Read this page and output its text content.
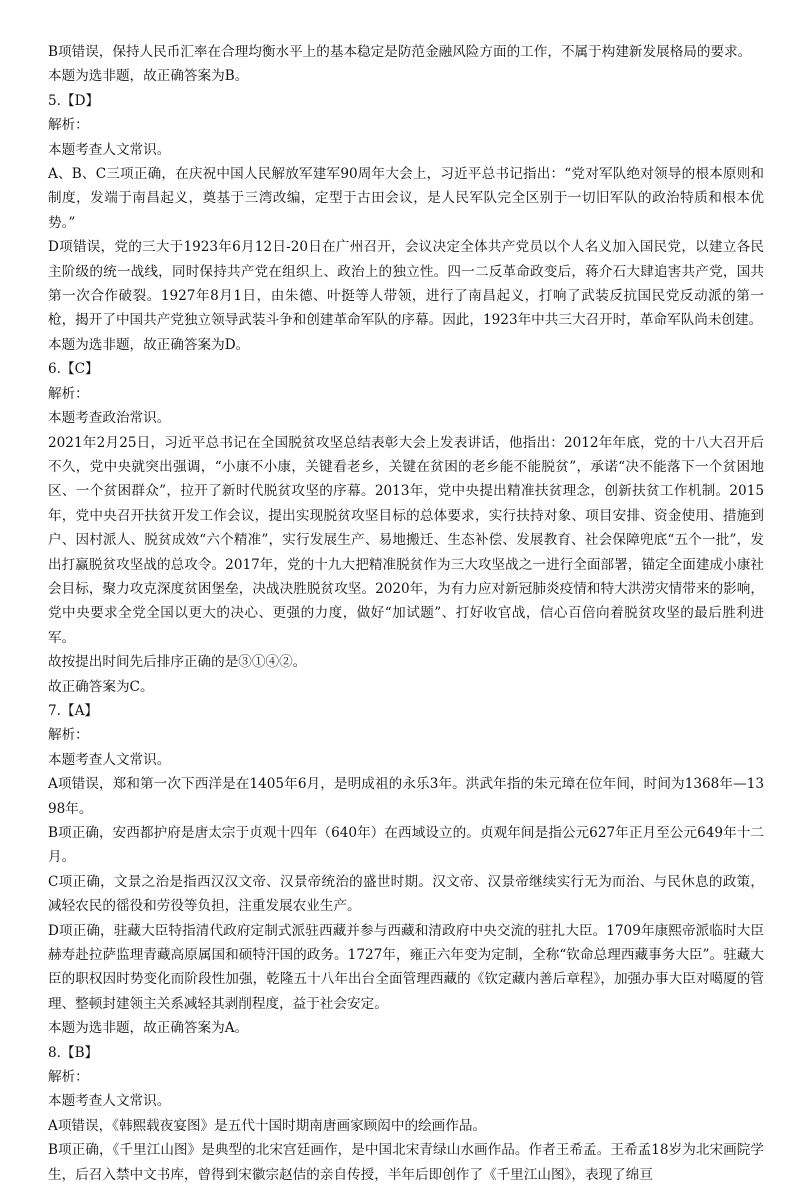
B项错误，保持人民币汇率在合理均衡水平上的基本稳定是防范金融风险方面的工作，不属于构建新发展格局的要求。

本题为选非题，故正确答案为B。

5.【D】

解析：

本题考查人文常识。

A、B、C三项正确，在庆祝中国人民解放军建军90周年大会上，习近平总书记指出：“党对军队绝对领导的根本原则和制度，发端于南昌起义，奠基于三湾改编，定型于古田会议，是人民军队完全区别于一切旧军队的政治特质和根本优势。”

D项错误，党的三大于1923年6月12日-20日在广州召开，会议决定全体共产党员以个人名义加入国民党，以建立各民主阶级的统一战线，同时保持共产党在组织上、政治上的独立性。四一二反革命政变后，蒋介石大肆追害共产党，国共第一次合作破裂。1927年8月1日，由朱德、叶挺等人带领，进行了南昌起义，打响了武装反抗国民党反动派的第一枪，揭开了中国共产党独立领导武装斗争和创建革命军队的序幕。因此，1923年中共三大召开时，革命军队尚未创建。

本题为选非题，故正确答案为D。

6.【C】

解析：

本题考查政治常识。

2021年2月25日，习近平总书记在全国脱贫攻坚总结表彰大会上发表讲话，他指出：2012年年底，党的十八大召开后不久，党中央就突出强调，“小康不小康，关键看老乡，关键在贫困的老乡能不能脱贫”，承诺“决不能落下一个贫困地区、一个贫困群众”，拉开了新时代脱贫攻坚的序幕。2013年，党中央提出精准扶贫理念，创新扶贫工作机制。2015年，党中央召开扶贫开发工作会议，提出实现脱贫攻坚目标的总体要求，实行扶持对象、项目安排、资金使用、措施到户、因村派人、脱贫成效“六个精准”，实行发展生产、易地搬迁、生态补偿、发展教育、社会保障兜底“五个一批”，发出打赢脱贫攻坚战的总攻令。2017年，党的十九大把精准脱贫作为三大攻坚战之一进行全面部署，锚定全面建成小康社会目标，聚力攻克深度贫困堡垒，决战决胜脱贫攻坚。2020年，为有力应对新冠肺炎疫情和特大洪涝灾情带来的影响，党中央要求全党全国以更大的决心、更强的力度，做好“加试题”、打好收官战，信心百倍向着脱贫攻坚的最后胜利进军。

故按提出时间先后排序正确的是③①④②。

故正确答案为C。

7.【A】

解析：

本题考查人文常识。

A项错误，郑和第一次下西洋是在1405年6月，是明成祖的永乐3年。洪武年指的朱元璋在位年间，时间为1368年—1398年。

B项正确，安西都护府是唐太宗于贞观十四年（640年）在西域设立的。贞观年间是指公元627年正月至公元649年十二月。

C项正确，文景之治是指西汉汉文帝、汉景帝统治的盛世时期。汉文帝、汉景帝继续实行无为而治、与民休息的政策，减轻农民的徭役和劳役等负担，注重发展农业生产。

D项正确，驻藏大臣特指清代政府定制式派驻西藏并参与西藏和清政府中央交流的驻扎大臣。1709年康熙帝派临时大臣赫寿赴拉萨监理青藏高原属国和硕特汗国的政务。1727年，雍正六年变为定制，全称“钦命总理西藏事务大臣”。驻藏大臣的职权因时势变化而阶段性加强，乾隆五十八年出台全面管理西藏的《钦定藏内善后章程》，加强办事大臣对噶厦的管理、整顿封建领主关系减轻其剥削程度，益于社会安定。

本题为选非题，故正确答案为A。

8.【B】

解析：

本题考查人文常识。

A项错误，《韩熙载夜宴图》是五代十国时期南唐画家顾闳中的绘画作品。

B项正确，《千里江山图》是典型的北宋宫廷画作，是中国北宋青绿山水画作品。作者王希孟。王希孟18岁为北宋画院学生，后召入禁中文书库，曾得到宋徽宗赵佶的亲自传授，半年后即创作了《千里江山图》，表现了绵亘
